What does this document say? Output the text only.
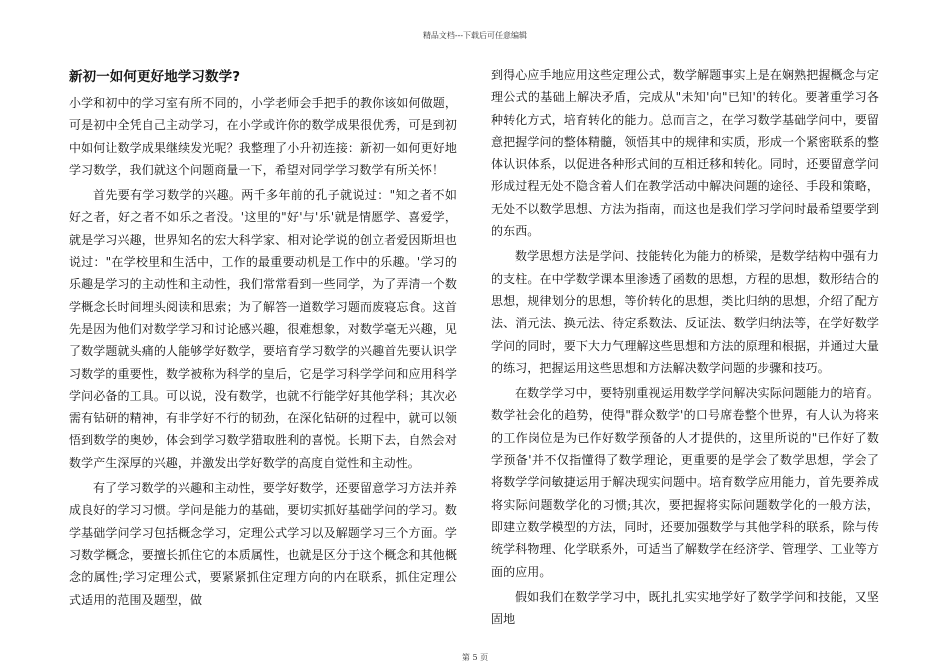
精品文档---下载后可任意编辑
新初一如何更好地学习数学?

小学和初中的学习室有所不同的，小学老师会手把手的教你该如何做题，可是初中全凭自己主动学习，在小学或许你的数学成果很优秀，可是到初中如何让数学成果继续发光呢？我整理了小升初连接：新初一如何更好地学习数学，我们就这个问题商量一下，希望对同学学习数学有所关怀！

首先要有学习数学的兴趣。两千多年前的孔子就说过："知之者不如好之者，好之者不如乐之者没。'这里的"好'与'乐'就是情愿学、喜爱学，就是学习兴趣，世界知名的宏大科学家、相对论学说的创立者爱因斯坦也说过："在学校里和生活中，工作的最重要动机是工作中的乐趣。'学习的乐趣是学习的主动性和主动性，我们常常看到一些同学，为了弄清一个数学概念长时间埋头阅读和思索；为了解答一道数学习题而废寝忘食。这首先是因为他们对数学学习和讨论感兴趣，很难想象，对数学毫无兴趣，见了数学题就头痛的人能够学好数学，要培育学习数学的兴趣首先要认识学习数学的重要性，数学被称为科学的皇后，它是学习科学学问和应用科学学问必备的工具。可以说，没有数学，也就不行能学好其他学科；其次必需有钻研的精神，有非学好不行的韧劲，在深化钻研的过程中，就可以领悟到数学的奥妙，体会到学习数学猎取胜利的喜悦。长期下去，自然会对数学产生深厚的兴趣，并激发出学好数学的高度自觉性和主动性。

有了学习数学的兴趣和主动性，要学好数学，还要留意学习方法并养成良好的学习习惯。学问是能力的基础，要切实抓好基础学问的学习。数学基础学问学习包括概念学习，定理公式学习以及解题学习三个方面。学习数学概念，要擅长抓住它的本质属性，也就是区分于这个概念和其他概念的属性;学习定理公式，要紧紧抓住定理方向的内在联系，抓住定理公式适用的范围及题型，做

到得心应手地应用这些定理公式，数学解题事实上是在娴熟把握概念与定理公式的基础上解决矛盾，完成从"未知'向"已知'的转化。要著重学习各种转化方式，培育转化的能力。总而言之，在学习数学基础学问中，要留意把握学问的整体精髓，领悟其中的规律和实质，形成一个紧密联系的整体认识体系，以促进各种形式间的互相迁移和转化。同时，还要留意学问形成过程无处不隐含着人们在教学活动中解决问题的途径、手段和策略，无处不以数学思想、方法为指南，而这也是我们学习学问时最希望要学到的东西。

数学思想方法是学问、技能转化为能力的桥梁，是数学结构中强有力的支柱。在中学数学课本里渗透了函数的思想，方程的思想，数形结合的思想，规律划分的思想，等价转化的思想，类比归纳的思想，介绍了配方法、消元法、换元法、待定系数法、反证法、数学归纳法等，在学好数学学问的同时，要下大力气理解这些思想和方法的原理和根据，并通过大量的练习，把握运用这些思想和方法解决数学问题的步骤和技巧。

在数学学习中，要特别重视运用数学学问解决实际问题能力的培育。数学社会化的趋势，使得"群众数学'的口号席卷整个世界，有人认为将来的工作岗位是为已作好数学预备的人才提供的，这里所说的"已作好了数学预备'并不仅指懂得了数学理论，更重要的是学会了数学思想，学会了将数学学问敏捷运用于解决现实问题中。培育数学应用能力，首先要养成将实际问题数学化的习惯;其次，要把握将实际问题数学化的一般方法，即建立数学模型的方法，同时，还要加强数学与其他学科的联系，除与传统学科物理、化学联系外，可适当了解数学在经济学、管理学、工业等方面的应用。

假如我们在数学学习中，既扎扎实实地学好了数学学问和技能，又坚固地

第 5 页
